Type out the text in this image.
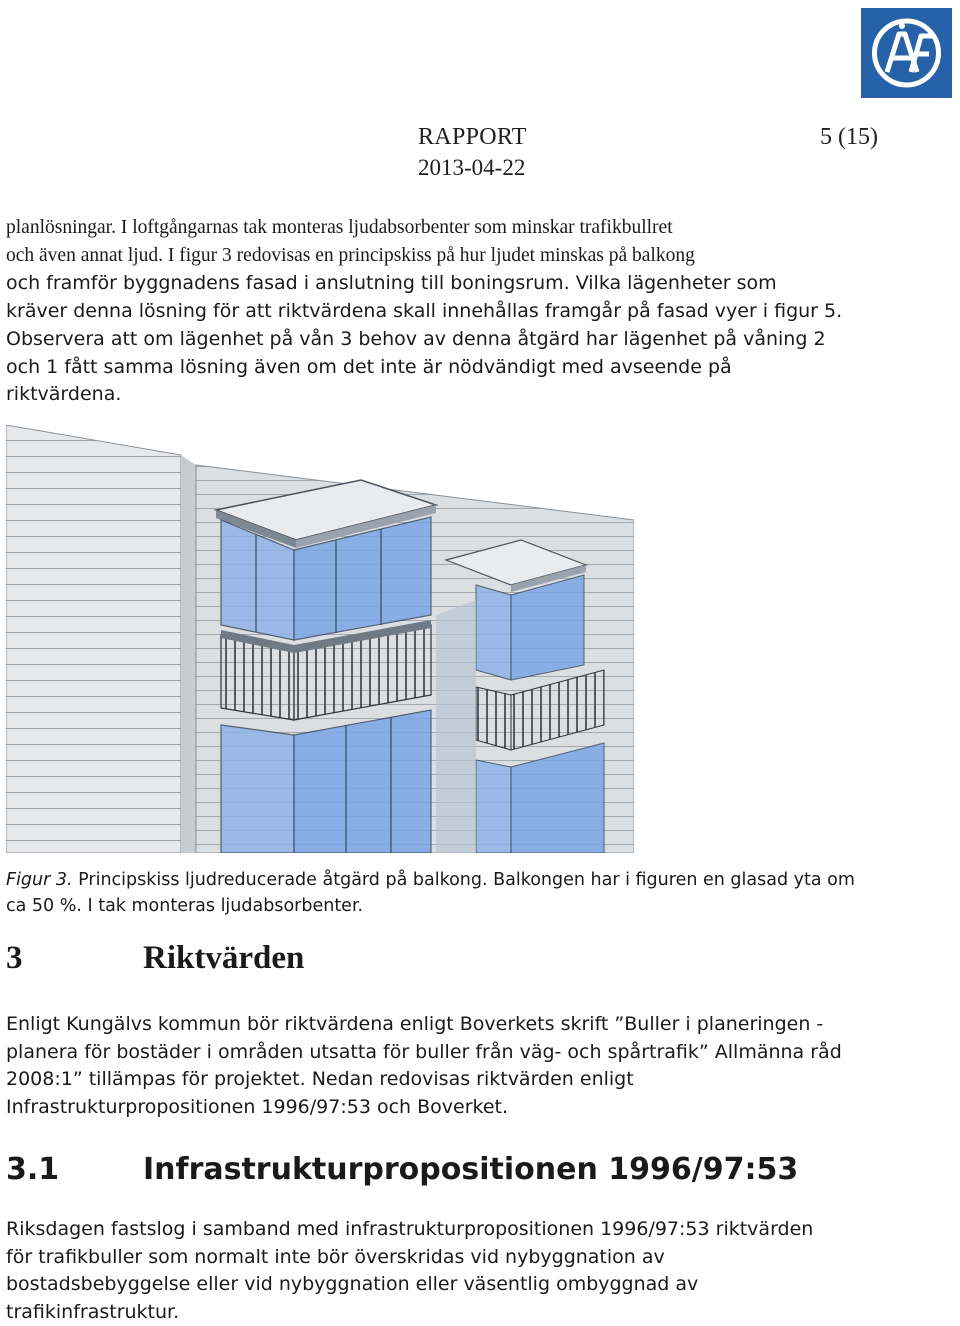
RAPPORT
2013-04-22
5 (15)
planlösningar. I loftgångarnas tak monteras ljudabsorbenter som minskar trafikbullret
och även annat ljud. I figur 3 redovisas en principskiss på hur ljudet minskas på balkong
och framför byggnadens fasad i anslutning till boningsrum. Vilka lägenheter som
kräver denna lösning för att riktvärdena skall innehållas framgår på fasad vyer i figur 5.
Observera att om lägenhet på vån 3 behov av denna åtgärd har lägenhet på våning 2
och 1 fått samma lösning även om det inte är nödvändigt med avseende på
riktvärdena.
Figur 3. Principskiss ljudreducerade åtgärd på balkong. Balkongen har i figuren en glasad yta om
ca 50 %. I tak monteras ljudabsorbenter.
3	Riktvärden
Enligt Kungälvs kommun bör riktvärdena enligt Boverkets skrift ”Buller i planeringen -
planera för bostäder i områden utsatta för buller från väg- och spårtrafik” Allmänna råd
2008:1” tillämpas för projektet. Nedan redovisas riktvärden enligt
Infrastrukturpropositionen 1996/97:53 och Boverket.
3.1	Infrastrukturpropositionen 1996/97:53
Riksdagen fastslog i samband med infrastrukturpropositionen 1996/97:53 riktvärden
för trafikbuller som normalt inte bör överskridas vid nybyggnation av
bostadsbebyggelse eller vid nybyggnation eller väsentlig ombyggnad av
trafikinfrastruktur.
